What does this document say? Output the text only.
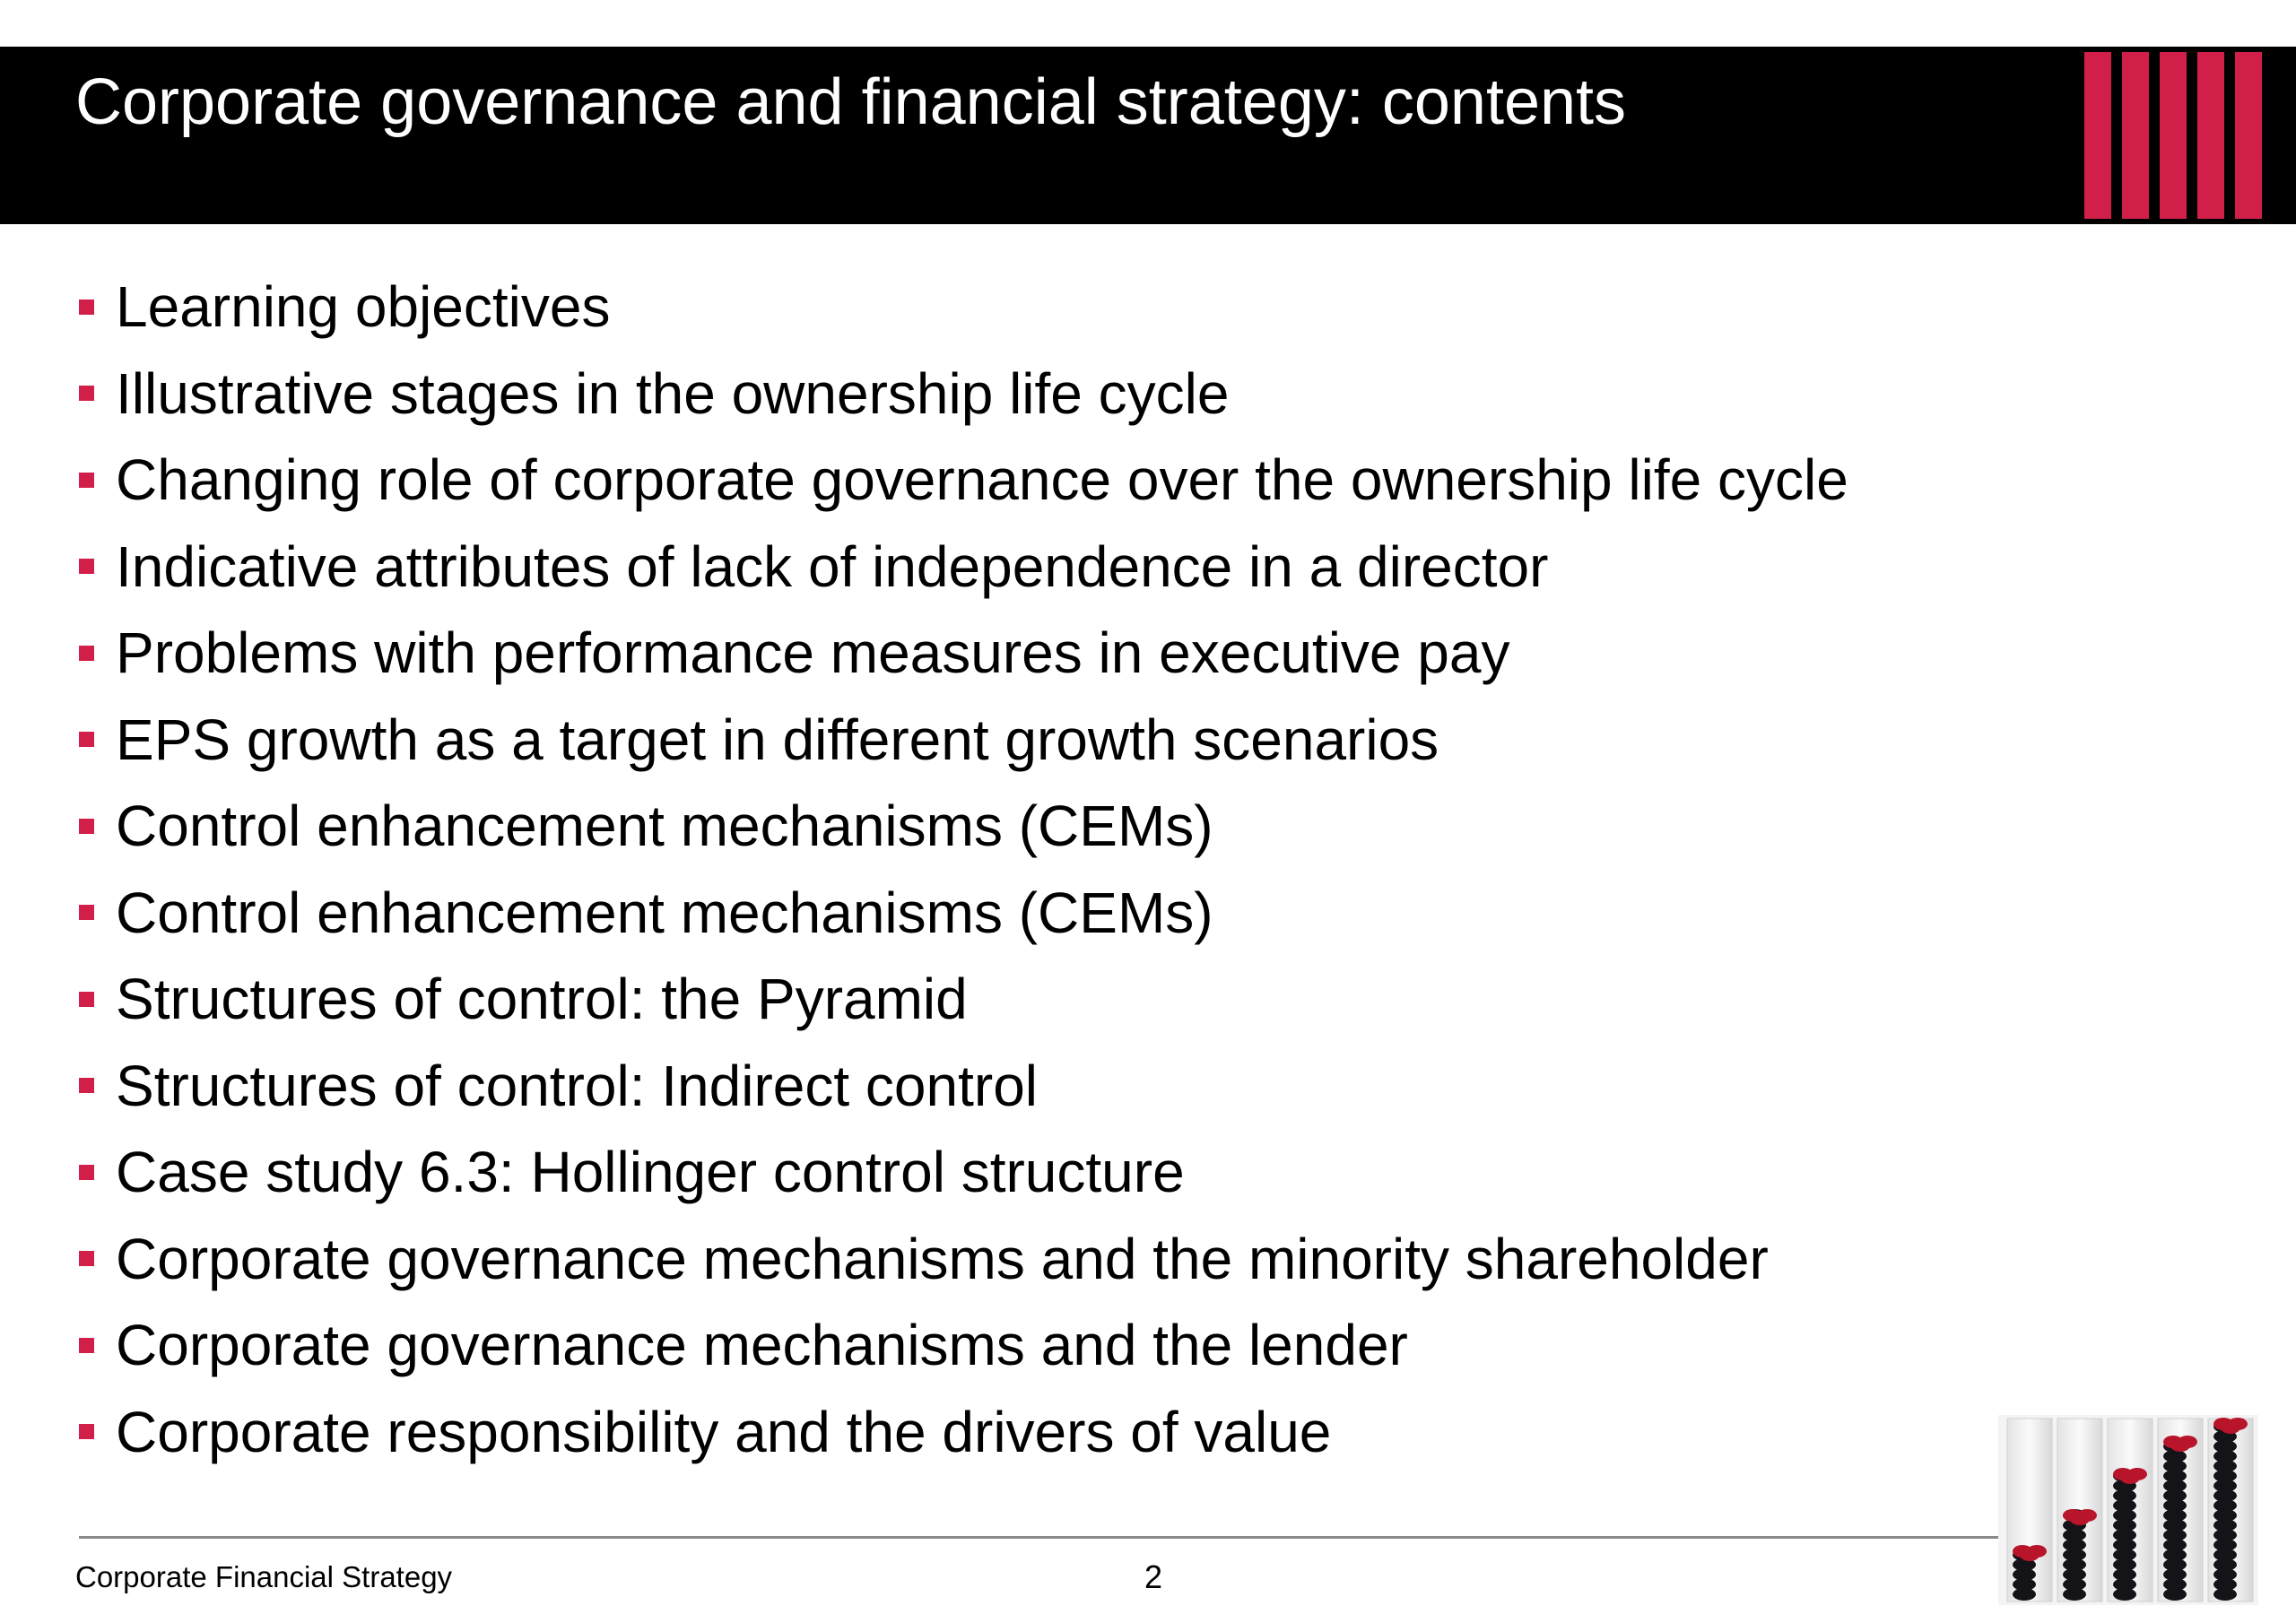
Corporate governance and financial strategy: contents
Learning objectives
Illustrative stages in the ownership life cycle
Changing role of corporate governance over the ownership life cycle
Indicative attributes of lack of independence in a director
Problems with performance measures in executive pay
EPS growth as a target in different growth scenarios
Control enhancement mechanisms (CEMs)
Control enhancement mechanisms (CEMs)
Structures of control: the Pyramid
Structures of control: Indirect control
Case study 6.3: Hollinger control structure
Corporate governance mechanisms and the minority shareholder
Corporate governance mechanisms and the lender
Corporate responsibility and the drivers of value
Corporate Financial Strategy	2
